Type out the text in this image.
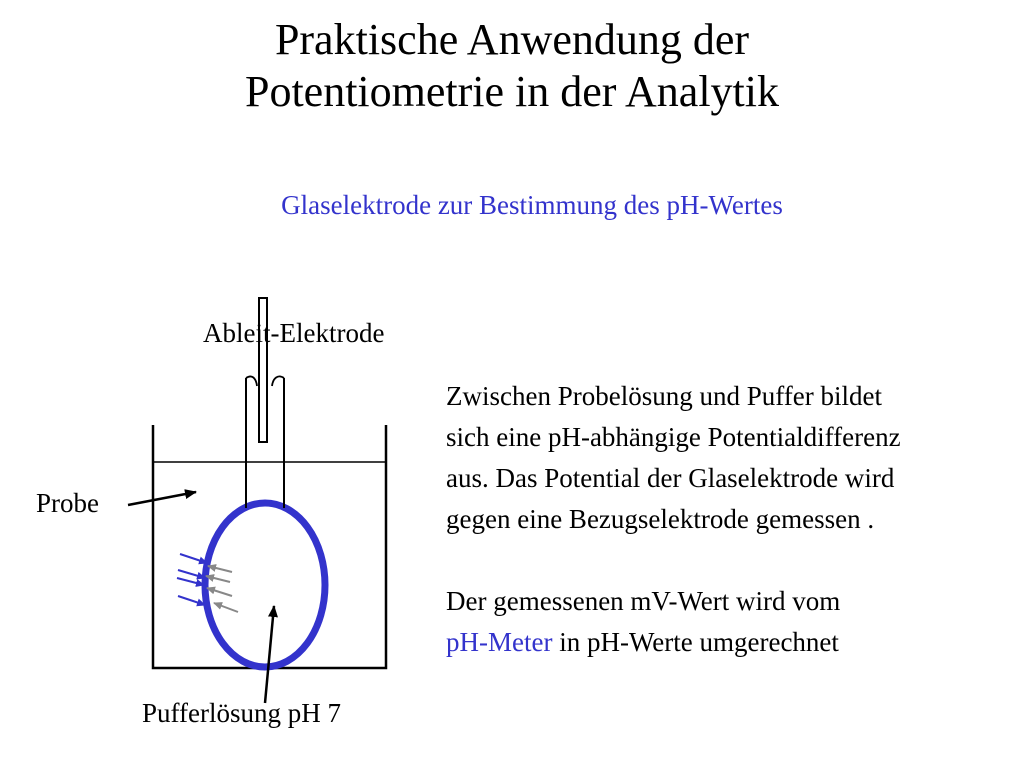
Praktische Anwendung der
Potentiometrie in der Analytik
Glaselektrode zur Bestimmung des pH-Wertes
Ableit-Elektrode
Probe
Pufferlösung pH 7

Zwischen Probelösung und Puffer bildet

sich eine pH-abhängige Potentialdifferenz

aus. Das Potential der Glaselektrode wird

gegen eine Bezugselektrode gemessen .

Der gemessenen mV-Wert wird vom

pH-Meter in pH-Werte umgerechnet
